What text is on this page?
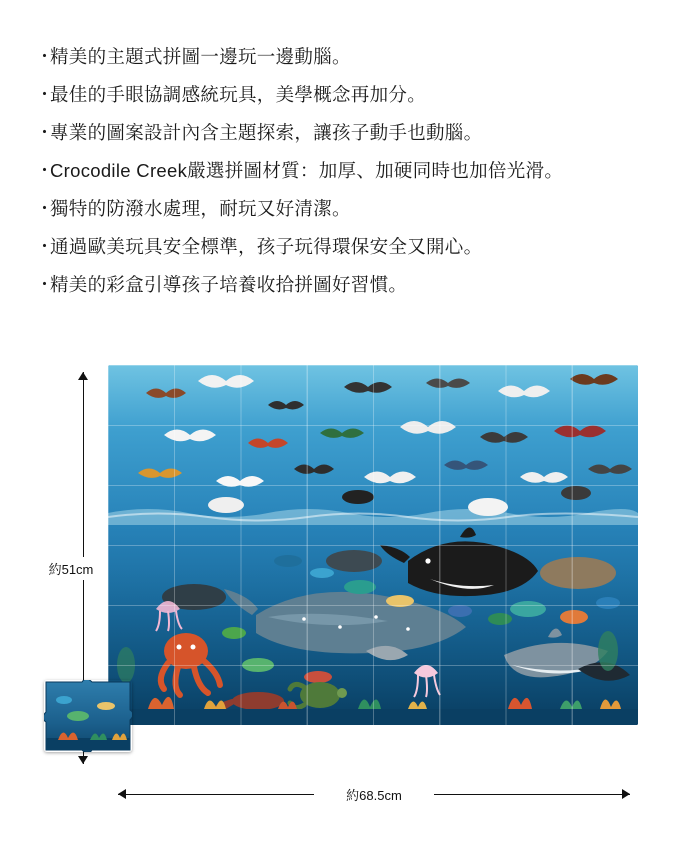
・
精美的主題式拼圖一邊玩一邊動腦。
・
最佳的手眼協調感統玩具，美學概念再加分。
・
專業的圖案設計內含主題探索，讓孩子動手也動腦。
・
Crocodile Creek嚴選拼圖材質：加厚、加硬同時也加倍光滑。
・
獨特的防潑水處理，耐玩又好清潔。
・
通過歐美玩具安全標準，孩子玩得環保安全又開心。
・
精美的彩盒引導孩子培養收拾拼圖好習慣。
約51cm
約68.5cm
